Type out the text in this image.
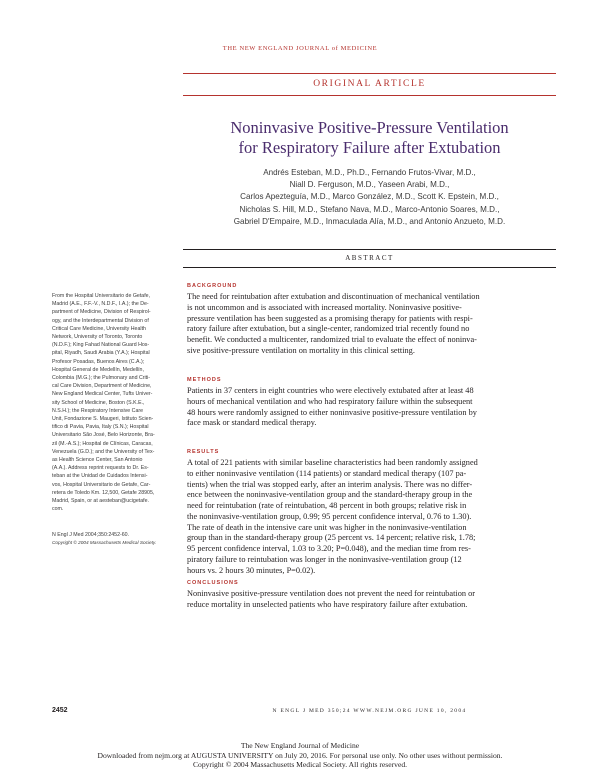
THE NEW ENGLAND JOURNAL of MEDICINE
ORIGINAL ARTICLE
Noninvasive Positive-Pressure Ventilation
for Respiratory Failure after Extubation
Andrés Esteban, M.D., Ph.D., Fernando Frutos-Vivar, M.D.,
Niall D. Ferguson, M.D., Yaseen Arabi, M.D.,
Carlos Apezteguía, M.D., Marco González, M.D., Scott K. Epstein, M.D.,
Nicholas S. Hill, M.D., Stefano Nava, M.D., Marco-Antonio Soares, M.D.,
Gabriel D'Empaire, M.D., Inmaculada Alía, M.D., and Antonio Anzueto, M.D.
ABSTRACT
BACKGROUND
The need for reintubation after extubation and discontinuation of mechanical ventilation
is not uncommon and is associated with increased mortality. Noninvasive positive-
pressure ventilation has been suggested as a promising therapy for patients with respi-
ratory failure after extubation, but a single-center, randomized trial recently found no
benefit. We conducted a multicenter, randomized trial to evaluate the effect of noninva-
sive positive-pressure ventilation on mortality in this clinical setting.
METHODS
Patients in 37 centers in eight countries who were electively extubated after at least 48
hours of mechanical ventilation and who had respiratory failure within the subsequent
48 hours were randomly assigned to either noninvasive positive-pressure ventilation by
face mask or standard medical therapy.
RESULTS
A total of 221 patients with similar baseline characteristics had been randomly assigned
to either noninvasive ventilation (114 patients) or standard medical therapy (107 pa-
tients) when the trial was stopped early, after an interim analysis. There was no differ-
ence between the noninvasive-ventilation group and the standard-therapy group in the
need for reintubation (rate of reintubation, 48 percent in both groups; relative risk in
the noninvasive-ventilation group, 0.99; 95 percent confidence interval, 0.76 to 1.30).
The rate of death in the intensive care unit was higher in the noninvasive-ventilation
group than in the standard-therapy group (25 percent vs. 14 percent; relative risk, 1.78;
95 percent confidence interval, 1.03 to 3.20; P=0.048), and the median time from res-
piratory failure to reintubation was longer in the noninvasive-ventilation group (12
hours vs. 2 hours 30 minutes, P=0.02).
CONCLUSIONS
Noninvasive positive-pressure ventilation does not prevent the need for reintubation or
reduce mortality in unselected patients who have respiratory failure after extubation.
From the Hospital Universitario de Getafe,
Madrid (A.E., F.F.-V., N.D.F., I.A.); the De-
partment of Medicine, Division of Respirol-
ogy, and the Interdepartmental Division of
Critical Care Medicine, University Health
Network, University of Toronto, Toronto
(N.D.F.); King Fahad National Guard Hos-
pital, Riyadh, Saudi Arabia (Y.A.); Hospital
Profesor Posadas, Buenos Aires (C.A.);
Hospital General de Medellín, Medellín,
Colombia (M.G.); the Pulmonary and Criti-
cal Care Division, Department of Medicine,
New England Medical Center, Tufts Univer-
sity School of Medicine, Boston (S.K.E.,
N.S.H.); the Respiratory Intensive Care
Unit, Fondazione S. Maugeri, Istituto Scien-
tifico di Pavia, Pavia, Italy (S.N.); Hospital
Universitario São José, Belo Horizonte, Bra-
zil (M.-A.S.); Hospital de Clínicas, Caracas,
Venezuela (G.D.); and the University of Tex-
as Health Science Center, San Antonio
(A.A.). Address reprint requests to Dr. Es-
teban at the Unidad de Cuidados Intensi-
vos, Hospital Universitario de Getafe, Car-
retera de Toledo Km. 12,500, Getafe 28905,
Madrid, Spain, or at aesteban@ucigetafe.
com.
N Engl J Med 2004;350:2452-60.
Copyright © 2004 Massachusetts Medical Society.
2452	N ENGL J MED 350;24 WWW.NEJM.ORG JUNE 10, 2004
The New England Journal of Medicine
Downloaded from nejm.org at AUGUSTA UNIVERSITY on July 20, 2016. For personal use only. No other uses without permission.
Copyright © 2004 Massachusetts Medical Society. All rights reserved.
